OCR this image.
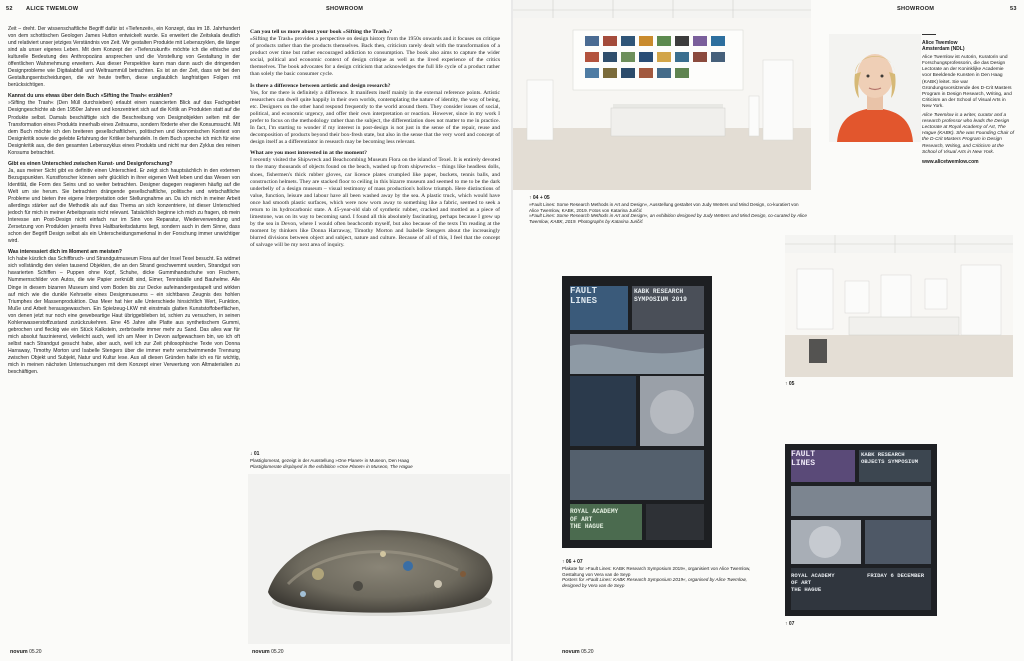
52 ALICE TWEMLOW	SHOWROOM

Zeit – dreht. Der wissenschaftliche Begriff dafür ist »Tiefenzeit«, ein Konzept, das im 18. Jahrhundert von dem schottischen Geologen James Hutton entwickelt wurde. Es erweitert die Zeitskala deutlich und relativiert unser jetziges Verständnis von Zeit. Wir gestalten Produkte mit Lebenszyklen, die länger sind als unser eigenes Leben. Mit dem Konzept der »Tiefenzukunft« möchte ich die ethische und kulturelle Bedeutung des Anthropozäns ansprechen und die Vorstellung von Gestaltung in der öffentlichen Wahrnehmung erweitern. Aus dieser Perspektive kann man dann auch die dringenden Designprobleme wie Digitalabfall und Weltraummüll betrachten. Es ist an der Zeit, dass wir bei den Gestaltungsentscheidungen, die wir heute treffen, diese unglaublich langfristigen Folgen mit berücksichtigen.

Kannst du uns etwas über dein Buch »Sifting the Trash« erzählen?

»Sifting the Trash« (Den Müll durchsieben) erlaubt einen nuancierten Blick auf das Fachgebiet Designgeschichte ab den 1950er Jahren und konzentriert sich auf die Kritik an Produkten statt auf die Produkte selbst. Damals beschäftigte sich die Beschreibung von Designobjekten selten mit der Transformation eines Produkts innerhalb eines Zeitraums, sondern förderte eher die Konsumsucht. Mit dem Buch möchte ich den breiteren gesellschaftlichen, politischen und ökonomischen Kontext von Designkritik sowie die gelebte Erfahrung der Kritiker behandeln. In dem Buch spreche ich mich für eine Designkritik aus, die den gesamten Lebenszyklus eines Produkts und nicht nur den Zyklus des reinen Konsums betrachtet.

Gibt es einen Unterschied zwischen Kunst- und Designforschung?

Ja, aus meiner Sicht gibt es definitiv einen Unterschied. Er zeigt sich hauptsächlich in den externen Bezugspunkten. Kunstforscher können sehr glücklich in ihrer eigenen Welt leben und das Wesen von Identität, die Form des Seins und so weiter betrachten. Designer dagegen reagieren häufig auf die Welt um sie herum. Sie betrachten drängende gesellschaftliche, politische und wirtschaftliche Probleme und bieten ihre eigene Interpretation oder Stellungnahme an. Da ich mich in meiner Arbeit allerdings stärker auf die Methodik als auf das Thema an sich konzentriere, ist dieser Unterschied jedoch für mich in meiner Arbeitspraxis nicht relevant. Tatsächlich beginne ich mich zu fragen, ob mein Interesse am Post-Design nicht einfach nur im Sinn von Reparatur, Wiederverwendung und Zersetzung von Produkten jenseits ihres Haltbarkeitsdatums liegt, sondern auch in dem Sinne, dass schon der Begriff Design selbst als ein Unterscheidungsmerkmal in der Forschung immer unwichtiger wird.

Was interessiert dich im Moment am meisten?

Ich habe kürzlich das Schiffbruch- und Strandgutmuseum Flora auf der Insel Texel besucht. Es widmet sich vollständig den vielen tausend Objekten, die an den Strand geschwemmt wurden, Strandgut von havarierten Schiffen – Puppen ohne Kopf, Schuhe, dicke Gummihandschuhe von Fischern, Nummernschilder von Autos, die wie Papier zerknüllt sind, Eimer, Tennisbälle und Bauhelme. Alle Dinge in diesem bizarren Museum sind vom Boden bis zur Decke aufeinandergestapelt und wirkten auf mich wie die dunkle Kehrseite eines Designmuseums – ein sichtbares Zeugnis des hohlen Triumphes der Massenproduktion. Das Meer hat hier alle Unterschiede hinsichtlich Wert, Funktion, Muße und Arbeit herausgewaschen. Ein Spielzeug-LKW mit einstmals glatten Kunststoffoberflächen, von denen jetzt nur noch eine gewebeartige Haut übriggeblieben ist, schien zu versuchen, in seinen Kohlenwasserstoffzustand zurückzukehren. Eine 45 Jahre alte Platte aus synthetischem Gummi, gebrochen und fleckig wie ein Stück Kalkstein, zerbröselte immer mehr zu Sand. Das alles war für mich absolut faszinierend, vielleicht auch, weil ich am Meer in Devon aufgewachsen bin, wo ich oft selbst nach Strandgut gesucht habe, aber auch, weil ich zur Zeit philosophische Texte von Donna Harraway, Timothy Morton und Isabelle Stengers über die immer mehr verschwimmende Trennung zwischen Objekt und Subjekt, Natur und Kultur lese. Aus all diesen Gründen halte ich es für wichtig, mich in meinen nächsten Untersuchungen mit dem Konzept einer Verwertung von Altmaterialien zu beschäftigen.

Can you tell us more about your book »Sifting the Trash«?

»Sifting the Trash« provides a perspective on design history from the 1950s onwards and it focuses on critique of products rather than the products themselves. Back then, criticism rarely dealt with the transformation of a product over time but rather encouraged addiction to consumption. The book also aims to capture the wider social, political and economic context of design critique as well as the lived experience of the critics themselves. The book advocates for a design criticism that acknowledges the full life cycle of a product rather than solely the basic consumer cycle.

Is there a difference between artistic and design research?

Yes, for me there is definitely a difference. It manifests itself mainly in the external reference points. Artistic researchers can dwell quite happily in their own worlds, contemplating the nature of identity, the way of being, etc. Designers on the other hand respond frequently to the world around them. They consider issues of social, political, and economic urgency, and offer their own interpretation or reaction. However, since in my work I prefer to focus on the methodology rather than the subject, the differentiation does not matter to me in practice. In fact, I'm starting to wonder if my interest in post-design is not just in the sense of the repair, reuse and decomposition of products beyond their box-fresh state, but also in the sense that the very word and concept of design itself as a differentiator in research may be becoming less relevant.

What are you most interested in at the moment?

I recently visited the Shipwreck and Beachcombing Museum Flora on the island of Texel. It is entirely devoted to the many thousands of objects found on the beach, washed up from shipwrecks – things like headless dolls, shoes, fishermen's thick rubber gloves, car licence plates crumpled like paper, buckets, tennis balls, and construction helmets. They are stacked floor to ceiling in this bizarre museum and seemed to me to be the dark underbelly of a design museum – visual testimony of mass production's hollow triumph. Here distinctions of value, function, leisure and labour have all been washed away by the sea. A plastic truck, which would have once had smooth plastic surfaces, which were now worn away to something like a fabric, seemed to seek a return to its hydrocarbonic state. A 45-year-old slab of synthetic rubber, cracked and mottled as a piece of limestone, was on its way to becoming sand. I found all this absolutely fascinating, perhaps because I grew up by the sea in Devon, where I would often beachcomb myself, but also because of the texts I'm reading at the moment by thinkers like Donna Harraway, Timothy Morton and Isabelle Stengers about the increasingly blurred divisions between object and subject, nature and culture. Because of all of this, I feel that the concept of salvage will be my next area of inquiry.

↓ 01
Plastiglomerat, gezeigt in der Ausstellung »One Planet« in Museon, Den Haag
Plastiglomerate displayed in the exhibition »One Planet« in Museon, The Hague
novum 05.20	novum 05.20
SHOWROOM	53
↑ 04 + 05
»Fault Lines: Some Research Methods in Art and Design«, Ausstellung gestaltet von Judy Wetters und Mind Design, co-kuratiert von Alice Twemlow, KABK, 2019. Fotos von Katarina Juričić
»Fault Lines: Some Research Methods in Art and Design«, an exhibition designed by Judy Wetters and Mind Design, co-curated by Alice Twemlow, KABK, 2019. Photographs by Katarina Juričić
Alice Twemlow
Amsterdam (NDL)

Alice Twemlow ist Autorin, Kuratorin und Forschungsprofessorin, die das Design Lectorate an der Koninklijke Academie voor Beeldende Kunsten in Den Haag (KABK) leitet. Sie war Gründungsvorsitzende des D-Crit Masters Program in Design Research, Writing, and Criticism an der School of Visual Arts in New York.

Alice Twemlow is a writer, curator and a research professor who leads the Design Lectorate at Royal Academy of Art, The Hague (KABK). She was Founding Chair of the D-Crit Masters Program in Design Research, Writing, and Criticism at the School of Visual Arts in New York.

www.alicetwemlow.com
FAULT
LINES
KABK RESEARCH SYMPOSIUM 2019
ROYAL ACADEMY
OF ART
THE HAGUE
↑ 06 + 07
Plakate für »Fault Lines: KABK Research Symposium 2019«, organisiert von Alice Twemlow, Gestaltung von Vera van de Seyp
Posters for »Fault Lines: KABK Research Symposium 2019«, organised by Alice Twemlow, designed by Vera van de Seyp
novum 05.20
↑ 05
FAULT
LINES
KABK RESEARCH OBJECTS SYMPOSIUM
ROYAL ACADEMY
OF ART
THE HAGUE
FRIDAY 6 DECEMBER
↑ 07
